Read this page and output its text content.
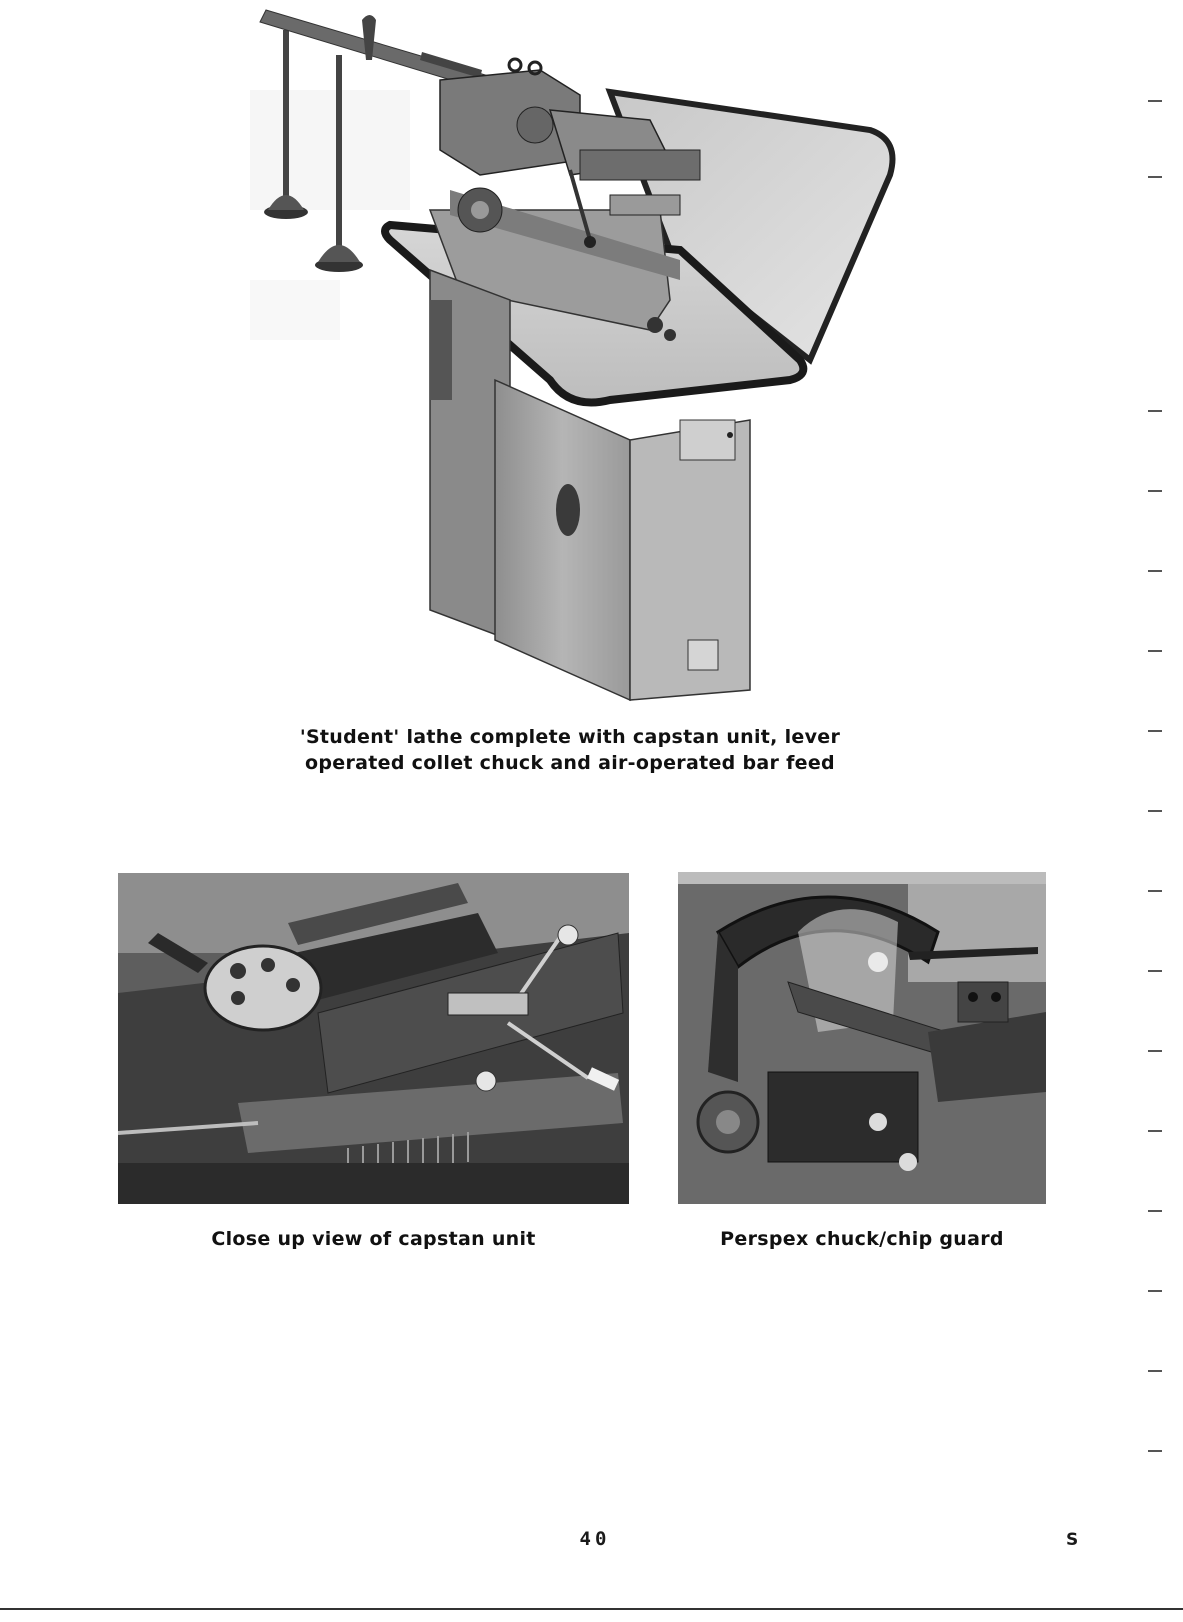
'Student' lathe complete with capstan unit, lever
operated collet chuck and air-operated bar feed
Close up view of capstan unit	Perspex chuck/chip guard
40	S
